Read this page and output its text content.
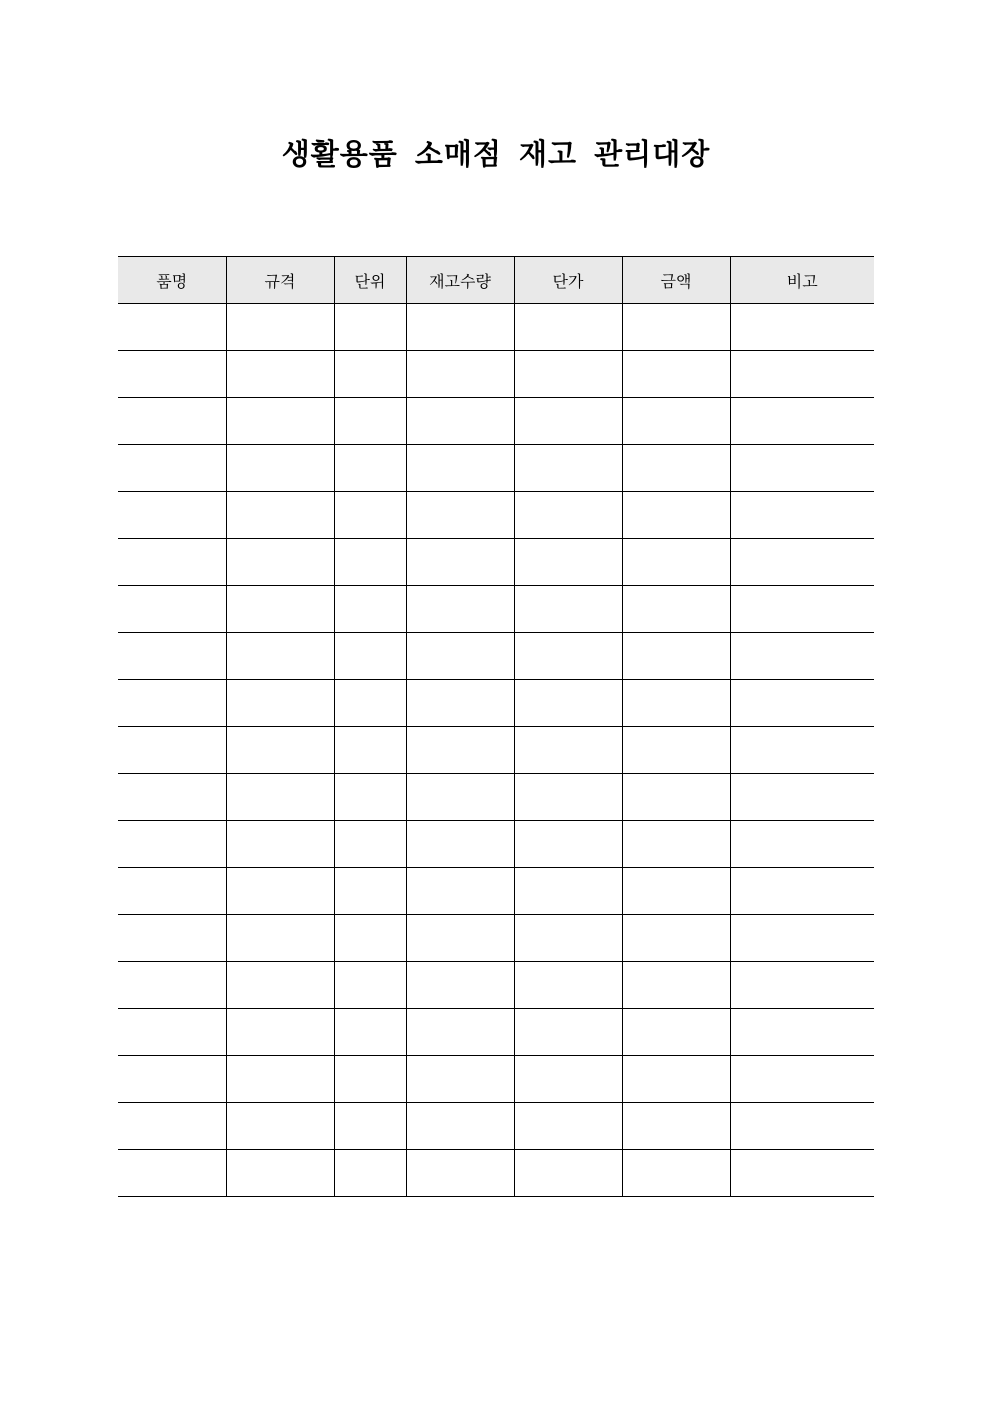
생활용품 소매점 재고 관리대장
품명	규격	단위	재고수량	단가	금액	비고
